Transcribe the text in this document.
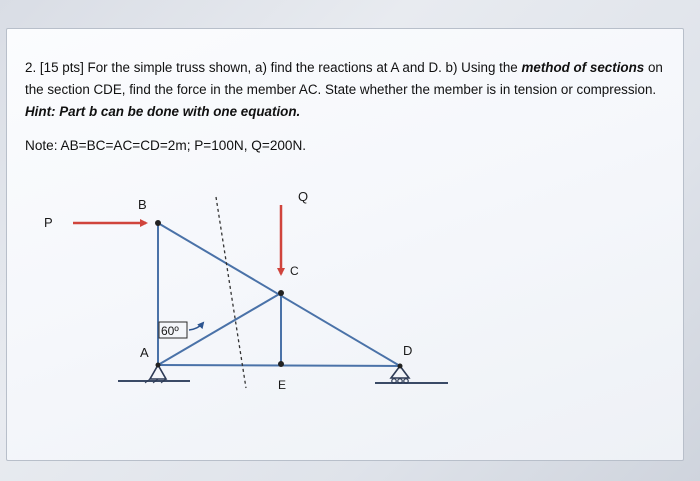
2. [15 pts] For the simple truss shown, a) find the reactions at A and D. b) Using the method of sections on the section CDE, find the force in the member AC. State whether the member is in tension or compression. Hint: Part b can be done with one equation.

Note: AB=BC=AC=CD=2m; P=100N, Q=200N.

B
P
Q
C
A	D
E
60º
